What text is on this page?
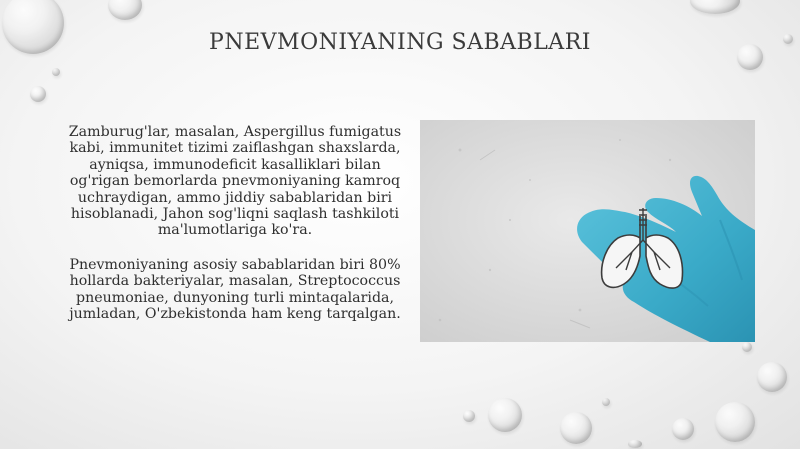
PNEVMONIYANING SABABLARI

Zamburug'lar, masalan, Aspergillus fumigatus
kabi, immunitet tizimi zaiflashgan shaxslarda,
ayniqsa, immunodeficit kasalliklari bilan
og'rigan bemorlarda pnevmoniyaning kamroq
uchraydigan, ammo jiddiy sabablaridan biri
hisoblanadi, Jahon sog'liqni saqlash tashkiloti
ma'lumotlariga ko'ra.

Pnevmoniyaning asosiy sabablaridan biri 80%
hollarda bakteriyalar, masalan, Streptococcus
pneumoniae, dunyoning turli mintaqalarida,
jumladan, O'zbekistonda ham keng tarqalgan.
